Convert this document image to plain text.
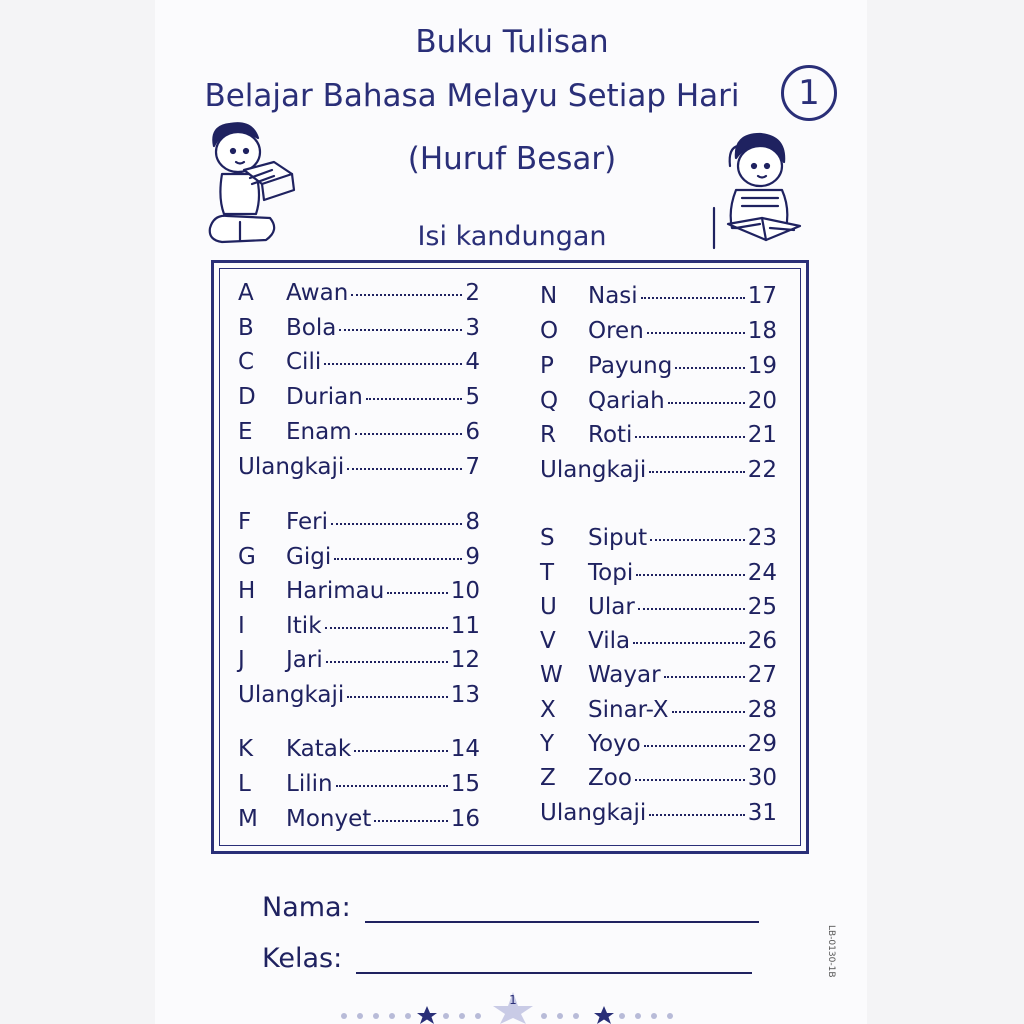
Buku Tulisan
Belajar Bahasa Melayu Setiap Hari	1
(Huruf Besar)
Isi kandungan
A	Awan	2
B	Bola	3
C	Cili	4
D	Durian	5
E	Enam	6
Ulangkaji	7
F	Feri	8
G	Gigi	9
H	Harimau	10
I	Itik	11
J	Jari	12
Ulangkaji	13
K	Katak	14
L	Lilin	15
M	Monyet	16
N	Nasi	17
O	Oren	18
P	Payung	19
Q	Qariah	20
R	Roti	21
Ulangkaji	22
S	Siput	23
T	Topi	24
U	Ular	25
V	Vila	26
W	Wayar	27
X	Sinar-X	28
Y	Yoyo	29
Z	Zoo	30
Ulangkaji	31
Nama:
Kelas:	LB-0130-1B
1
